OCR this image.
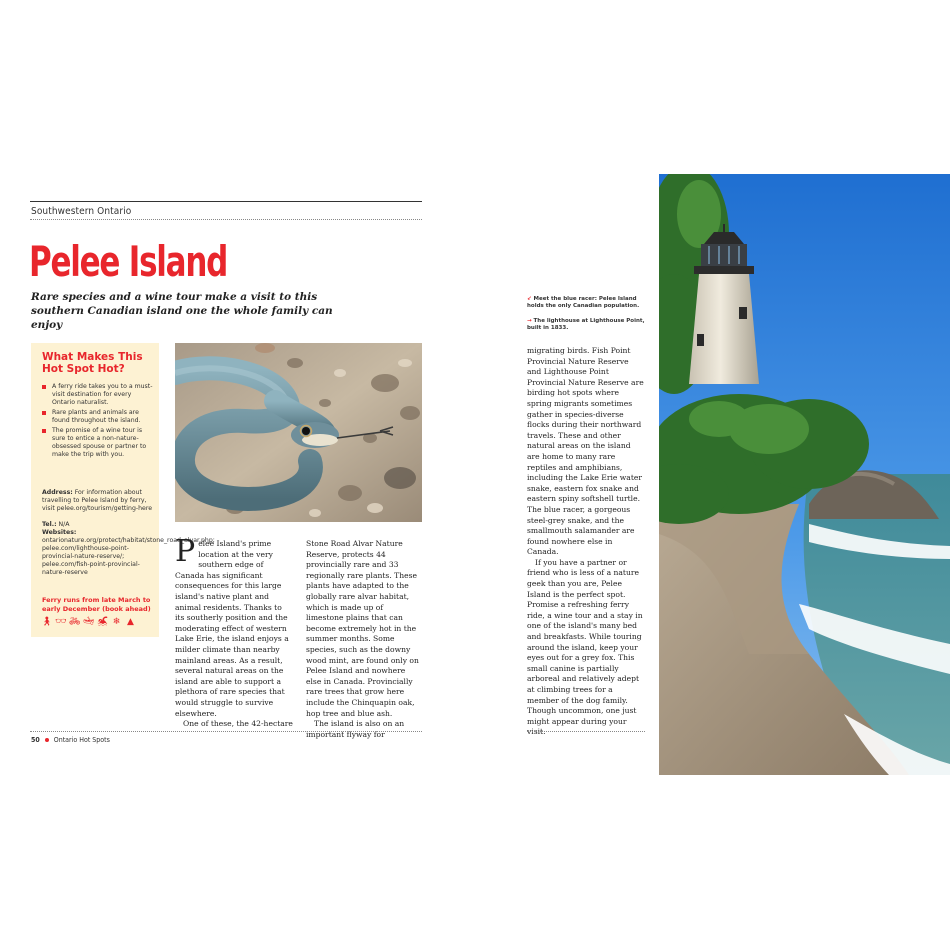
Southwestern Ontario
Pelee Island
Rare species and a wine tour make a visit to this southern Canadian island one the whole family can enjoy
What Makes This Hot Spot Hot?
A ferry ride takes you to a must-visit destination for every Ontario naturalist.
Rare plants and animals are found throughout the island.
The promise of a wine tour is sure to entice a non-nature-obsessed spouse or partner to make the trip with you.
Address: For information about travelling to Pelee Island by ferry, visit pelee.org/tourism/getting-here
Tel.: N/A
Websites: ontarionature.org/protect/habitat/stone_road_alvar.php; pelee.com/lighthouse-point-provincial-nature-reserve/; pelee.com/fish-point-provincial-nature-reserve
Ferry runs from late March to early December (book ahead)
🚶︎ 👓︎ 🚲︎ 🛶︎ 🏊︎ ❄︎ ▲

Pelee Island's prime location at the very southern edge of Canada has significant consequences for this large island's native plant and animal residents. Thanks to its southerly position and the moderating effect of western Lake Erie, the island enjoys a milder climate than nearby mainland areas. As a result, several natural areas on the island are able to support a plethora of rare species that would struggle to survive elsewhere.

One of these, the 42-hectare

Stone Road Alvar Nature Reserve, protects 44 provincially rare and 33 regionally rare plants. These plants have adapted to the globally rare alvar habitat, which is made up of limestone plains that can become extremely hot in the summer months. Some species, such as the downy wood mint, are found only on Pelee Island and nowhere else in Canada. Provincially rare trees that grow here include the Chinquapin oak, hop tree and blue ash.

The island is also on an important flyway for

50 Ontario Hot Spots
↙ Meet the blue racer: Pelee Island holds the only Canadian population.
→ The lighthouse at Lighthouse Point, built in 1833.

migrating birds. Fish Point Provincial Nature Reserve and Lighthouse Point Provincial Nature Reserve are birding hot spots where spring migrants sometimes gather in species-diverse flocks during their northward travels. These and other natural areas on the island are home to many rare reptiles and amphibians, including the Lake Erie water snake, eastern fox snake and eastern spiny softshell turtle. The blue racer, a gorgeous steel-grey snake, and the smallmouth salamander are found nowhere else in Canada.

If you have a partner or friend who is less of a nature geek than you are, Pelee Island is the perfect spot. Promise a refreshing ferry ride, a wine tour and a stay in one of the island's many bed and breakfasts. While touring around the island, keep your eyes out for a grey fox. This small canine is partially arboreal and relatively adept at climbing trees for a member of the dog family. Though uncommon, one just might appear during your visit.
